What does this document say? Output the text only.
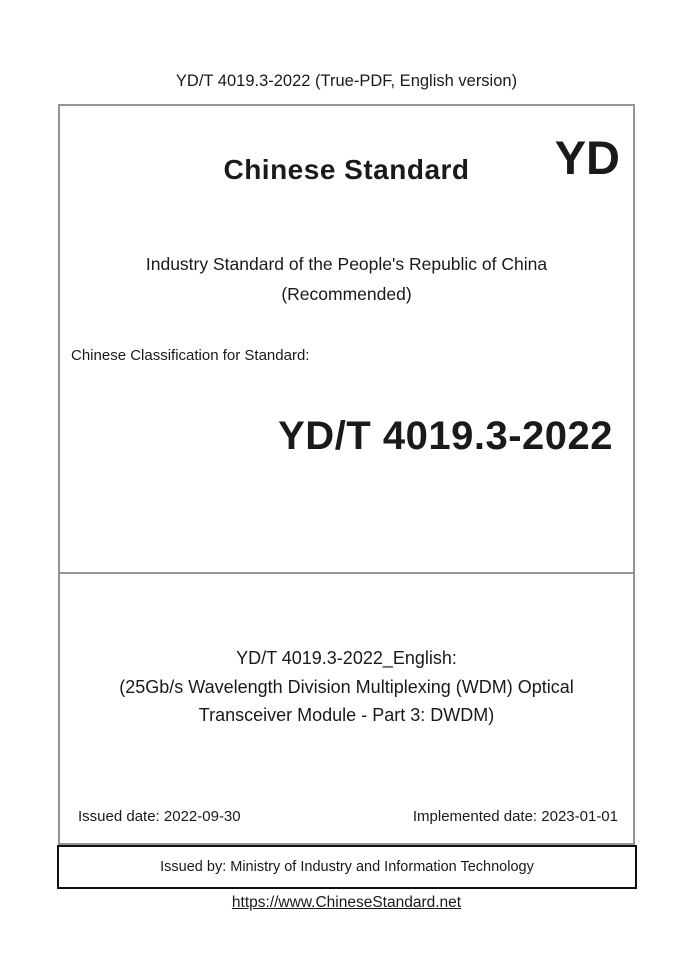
YD/T 4019.3-2022 (True-PDF, English version)
Chinese Standard	YD
Industry Standard of the People's Republic of China
(Recommended)
Chinese Classification for Standard:
YD/T 4019.3-2022
YD/T 4019.3-2022_English:
(25Gb/s Wavelength Division Multiplexing (WDM) Optical
Transceiver Module - Part 3: DWDM)
Issued date: 2022-09-30	Implemented date: 2023-01-01
Issued by: Ministry of Industry and Information Technology
https://www.ChineseStandard.net
